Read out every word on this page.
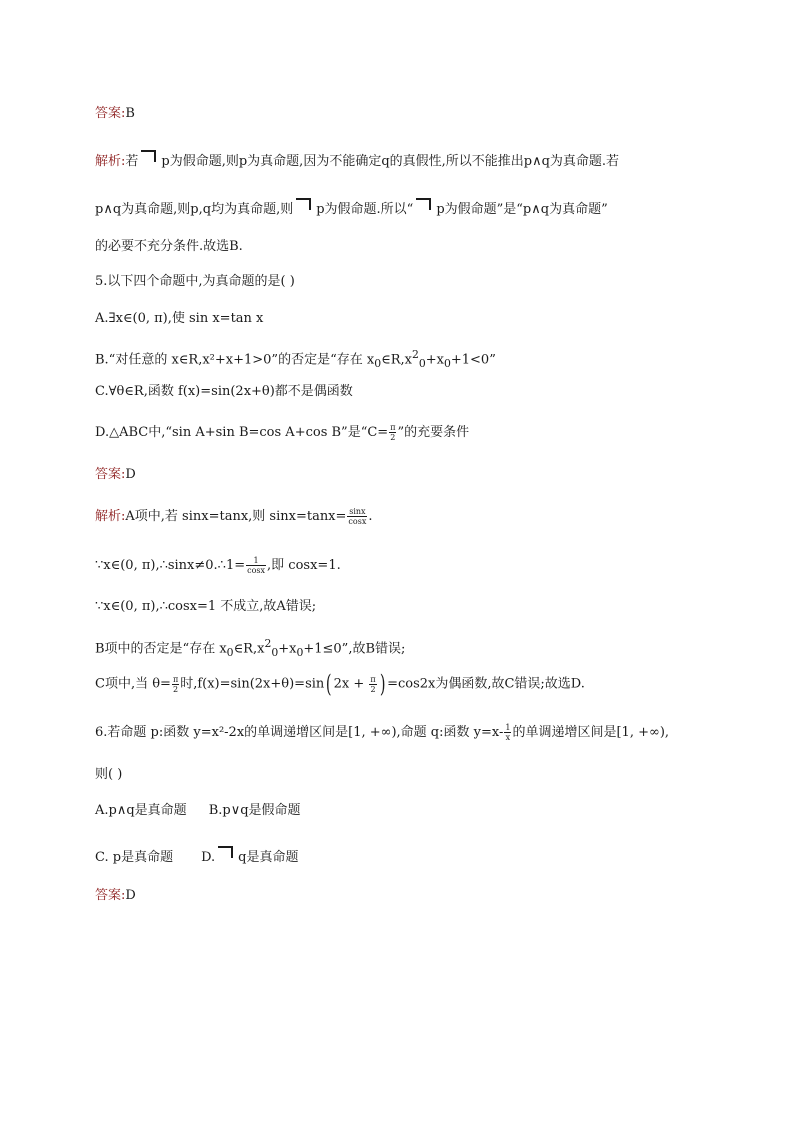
答案:B
解析:若 p为假命题,则p为真命题,因为不能确定q的真假性,所以不能推出p∧q为真命题.若
p∧q为真命题,则p,q均为真命题,则 p为假命题.所以“ p为假命题”是“p∧q为真命题”
的必要不充分条件.故选B.
5.以下四个命题中,为真命题的是( )
A.∃x∈(0, π),使 sin x=tan x
B.“对任意的 x∈R,x²+x+1>0”的否定是“存在 $x_0\in R,x^2_0+x_0+1<0$”
C.∀θ∈R,函数 f(x)=sin(2x+θ)都不是偶函数
D.△ABC中,“sin A+sin B=cos A+cos B”是“$C= \frac{\pi}{2}$ ”的充要条件
答案:D
解析:A项中,若 sinx=tanx,则 $\sin x=\tan x= \frac{\sin x}{\cos x}$ .
∵x∈(0, π),∴sinx≠0.∴1= $\frac{1}{\cos x}$ ,即 cosx=1.
∵x∈(0, π),∴cosx=1 不成立,故A错误;
B项中的否定是“存在 $x_0\in R,x^2_0+x_0+1\le 0$”,故B错误;
C项中,当 $\theta= \frac{\pi}{2}$ 时,f(x)=sin(2x+θ)=sin( $2x + \frac{\pi}{2}$ ) =cos2x为偶函数,故C错误;故选D.
6.若命题 p:函数 y=x²-2x的单调递增区间是[1, +∞),命题 q:函数 $y=x- \frac{1}{x}$ 的单调递增区间是[1, +∞),
则( )
A.p∧q是真命题 B.p∨q是假命题
C. p是真命题 D. q是真命题
答案:D
